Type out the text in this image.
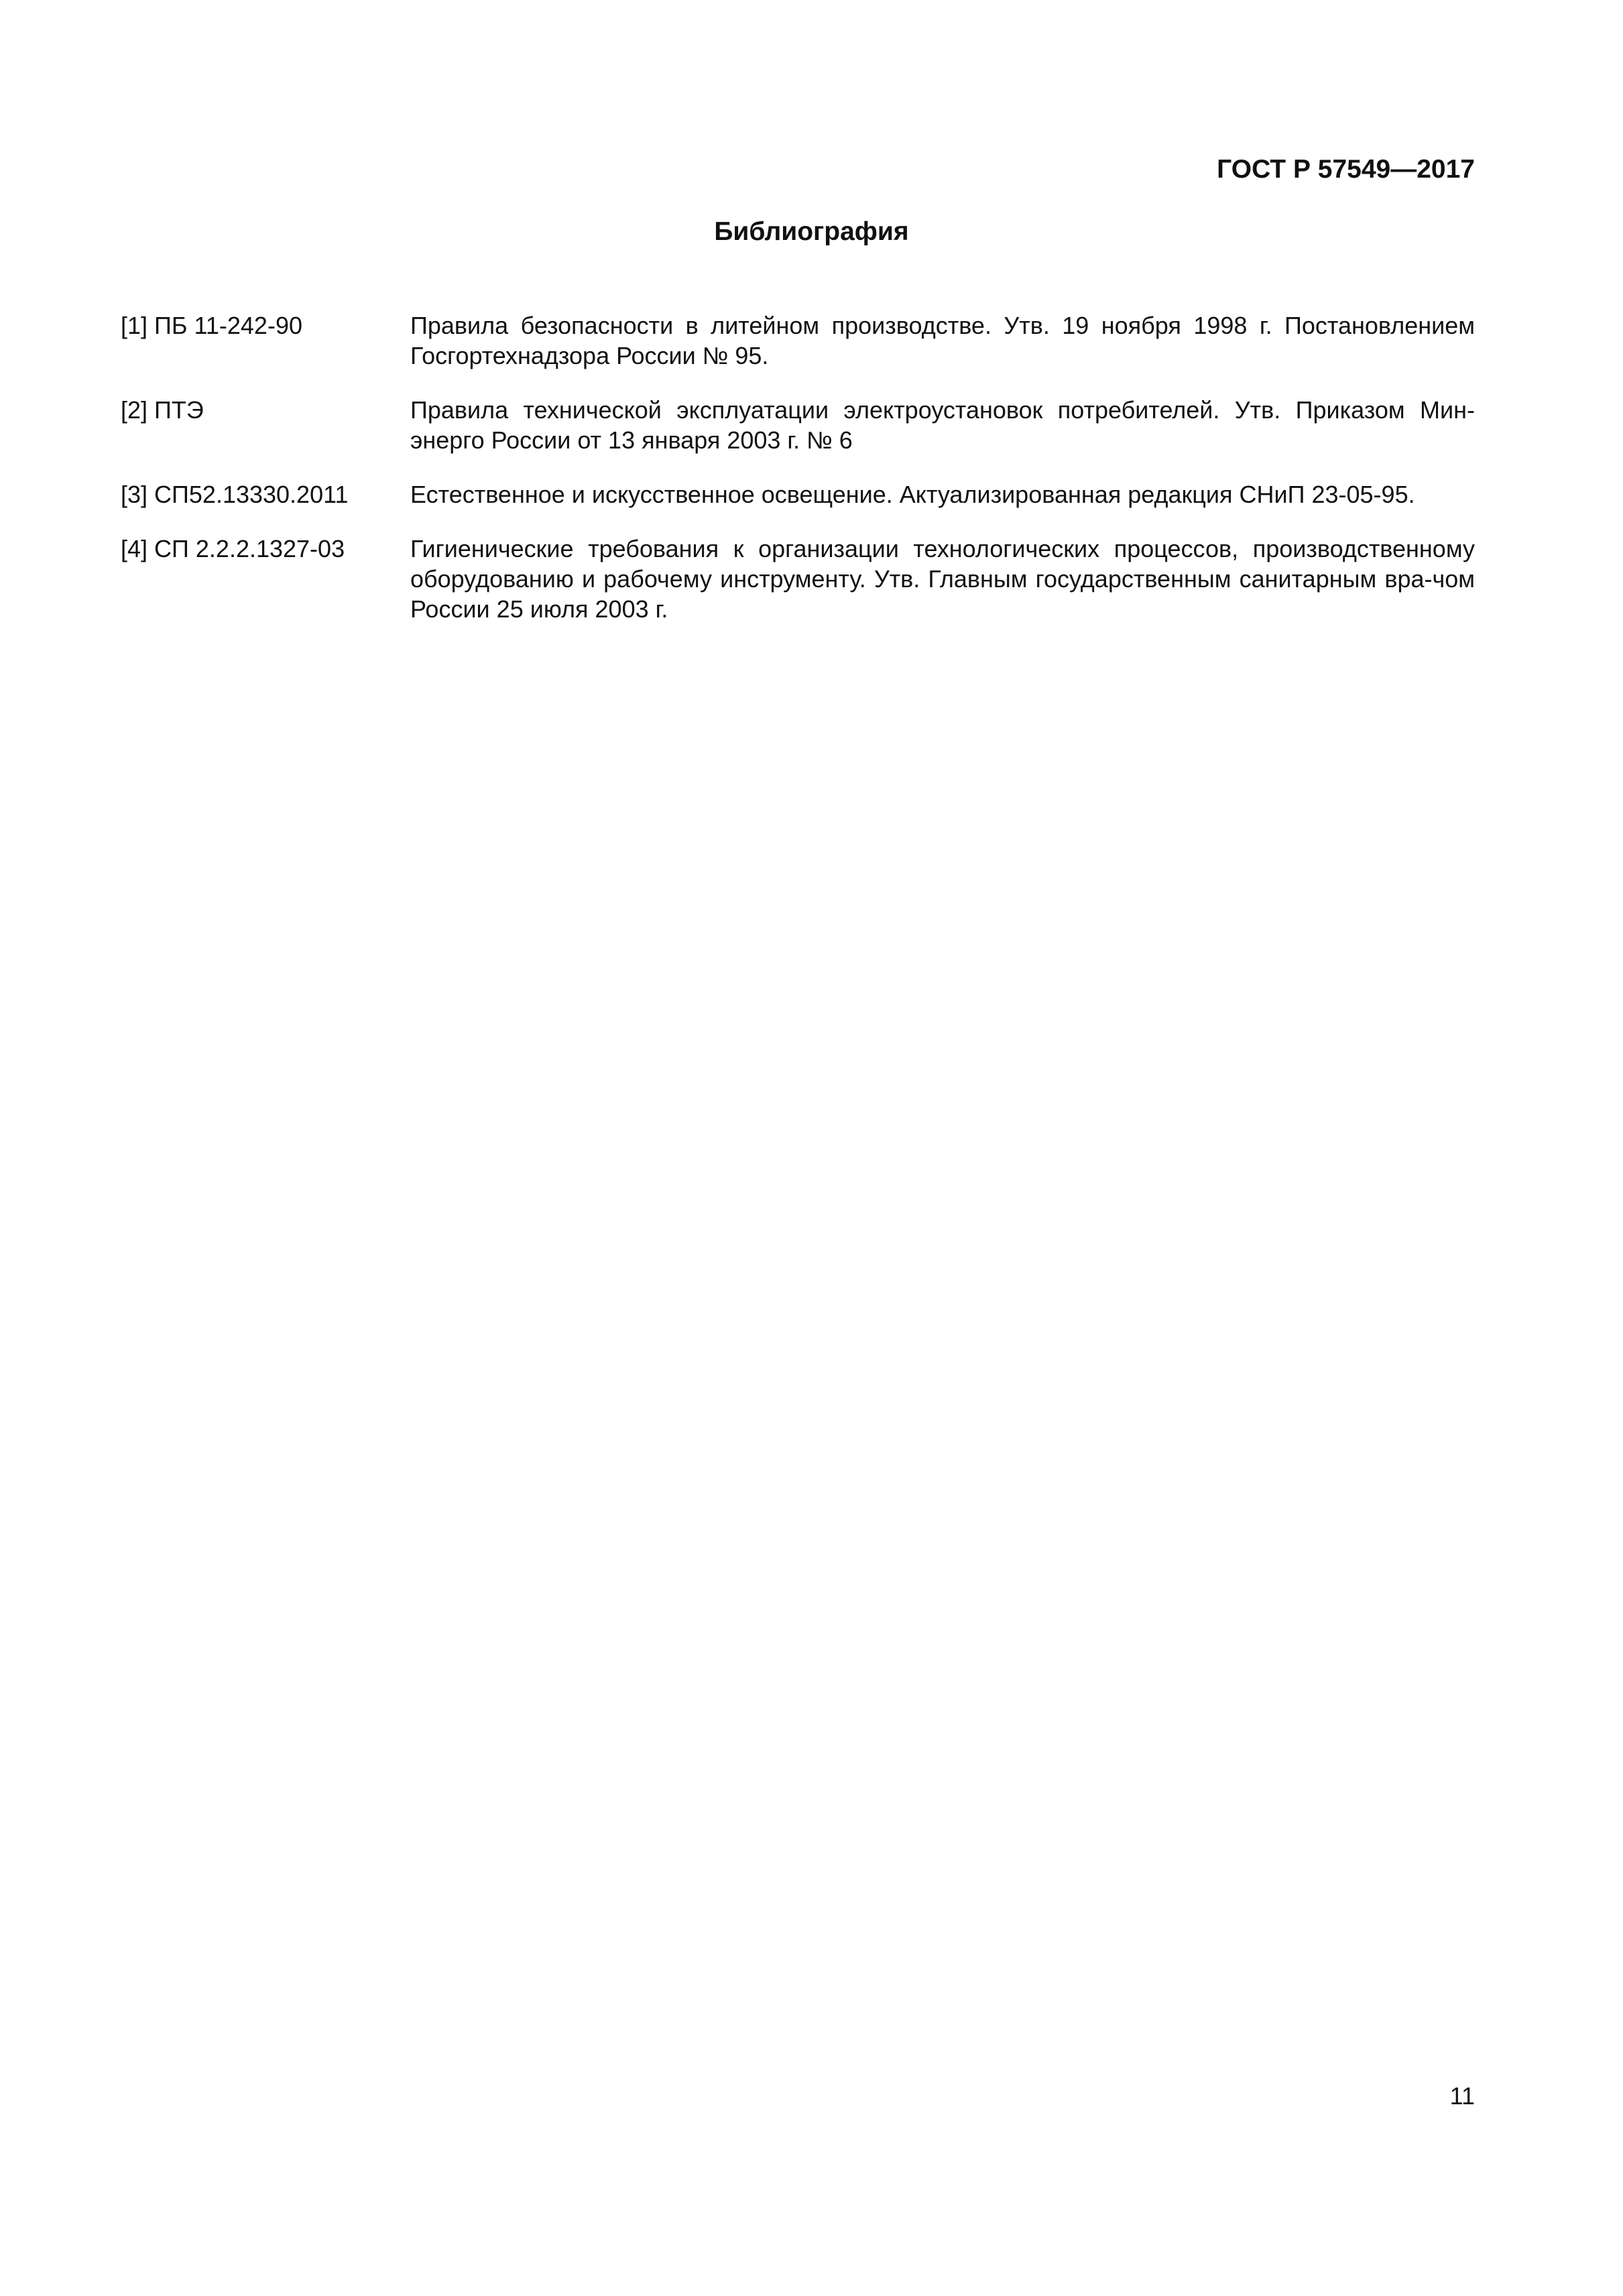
ГОСТ Р 57549—2017
Библиография
[1] ПБ 11-242-90	Правила безопасности в литейном производстве. Утв. 19 ноября 1998 г. Постановлением Госгортехнадзора России № 95.
[2] ПТЭ	Правила технической эксплуатации электроустановок потребителей. Утв. Приказом Мин-энерго России от 13 января 2003 г. № 6
[3] СП52.13330.2011	Естественное и искусственное освещение. Актуализированная редакция СНиП 23-05-95.
[4] СП 2.2.2.1327-03	Гигиенические требования к организации технологических процессов, производственному оборудованию и рабочему инструменту. Утв. Главным государственным санитарным вра-чом России 25 июля 2003 г.
11
